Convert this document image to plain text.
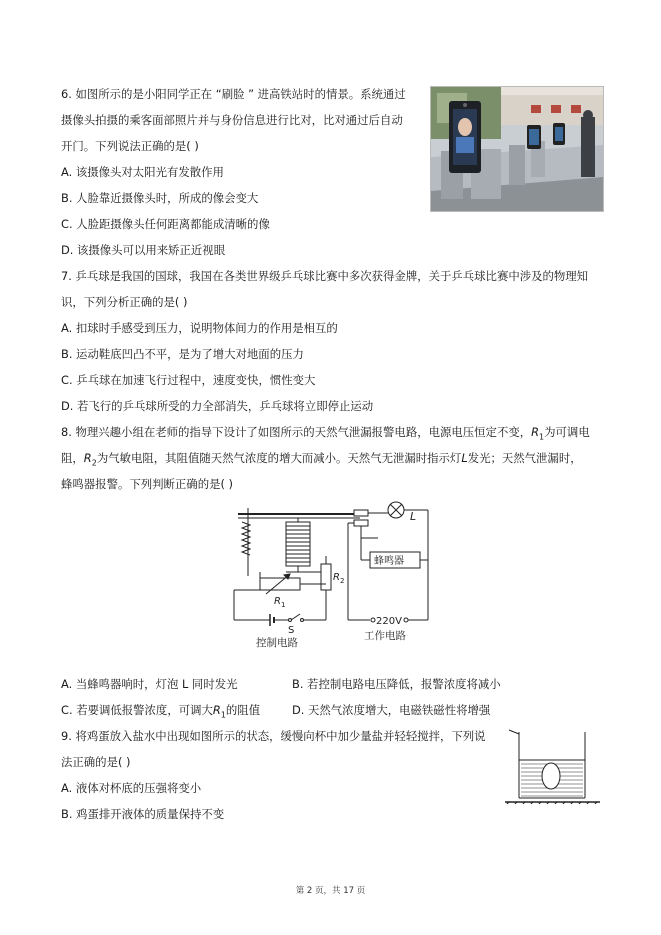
6. 如图所示的是小阳同学正在 “刷脸 ” 进高铁站时的情景。系统通过
摄像头拍摄的乘客面部照片并与身份信息进行比对，比对通过后自动
开门。下列说法正确的是( )
A. 该摄像头对太阳光有发散作用
B. 人脸靠近摄像头时，所成的像会变大
C. 人脸距摄像头任何距离都能成清晰的像
D. 该摄像头可以用来矫正近视眼
7. 乒乓球是我国的国球，我国在各类世界级乒乓球比赛中多次获得金牌，关于乒乓球比赛中涉及的物理知
识，下列分析正确的是( )
A. 扣球时手感受到压力，说明物体间力的作用是相互的
B. 运动鞋底凹凸不平，是为了增大对地面的压力
C. 乒乓球在加速飞行过程中，速度变快，惯性变大
D. 若飞行的乒乓球所受的力全部消失，乒乓球将立即停止运动
8. 物理兴趣小组在老师的指导下设计了如图所示的天然气泄漏报警电路，电源电压恒定不变，$R_1$为可调电
阻，$R_2$为气敏电阻，其阻值随天然气浓度的增大而减小。天然气无泄漏时指示灯L发光；天然气泄漏时，
蜂鸣器报警。下列判断正确的是( )
L
蜂鸣器
R 2
R 1
S
220V
控制电路
工作电路
A. 当蜂鸣器响时，灯泡 L 同时发光	B. 若控制电路电压降低，报警浓度将减小
C. 若要调低报警浓度，可调大$R_1$的阻值	D. 天然气浓度增大，电磁铁磁性将增强
9. 将鸡蛋放入盐水中出现如图所示的状态，缓慢向杯中加少量盐并轻轻搅拌，下列说
法正确的是( )
A. 液体对杯底的压强将变小
B. 鸡蛋排开液体的质量保持不变
第 2 页，共 17 页
